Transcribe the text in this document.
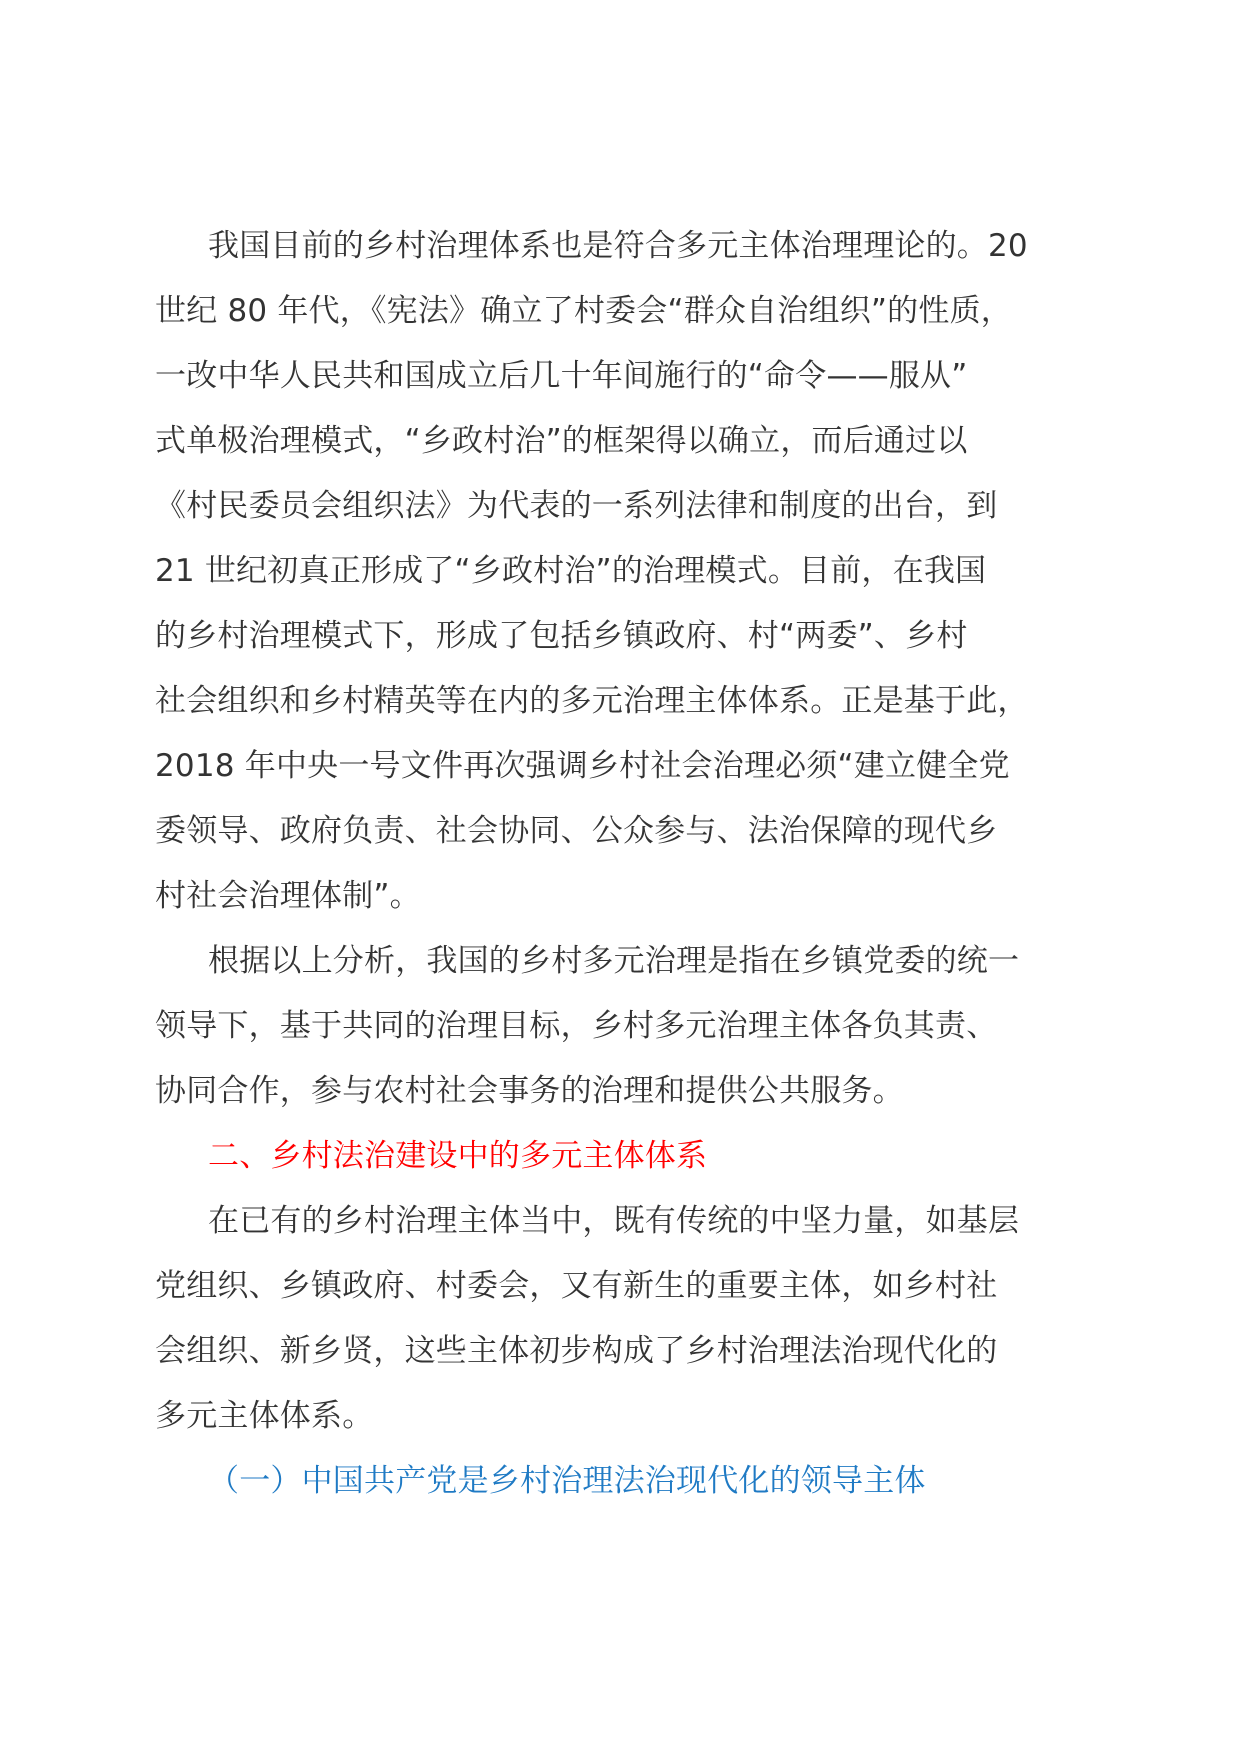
我国目前的乡村治理体系也是符合多元主体治理理论的。20
世纪 80 年代，《宪法》确立了村委会“群众自治组织”的性质，
一改中华人民共和国成立后几十年间施行的“命令——服从”
式单极治理模式，“乡政村治”的框架得以确立，而后通过以
《村民委员会组织法》为代表的一系列法律和制度的出台，到
21 世纪初真正形成了“乡政村治”的治理模式。目前，在我国
的乡村治理模式下，形成了包括乡镇政府、村“两委”、乡村
社会组织和乡村精英等在内的多元治理主体体系。正是基于此，
2018 年中央一号文件再次强调乡村社会治理必须“建立健全党
委领导、政府负责、社会协同、公众参与、法治保障的现代乡
村社会治理体制”。
根据以上分析，我国的乡村多元治理是指在乡镇党委的统一
领导下，基于共同的治理目标，乡村多元治理主体各负其责、
协同合作，参与农村社会事务的治理和提供公共服务。
二、乡村法治建设中的多元主体体系
在已有的乡村治理主体当中，既有传统的中坚力量，如基层
党组织、乡镇政府、村委会，又有新生的重要主体，如乡村社
会组织、新乡贤，这些主体初步构成了乡村治理法治现代化的
多元主体体系。
（一）中国共产党是乡村治理法治现代化的领导主体
